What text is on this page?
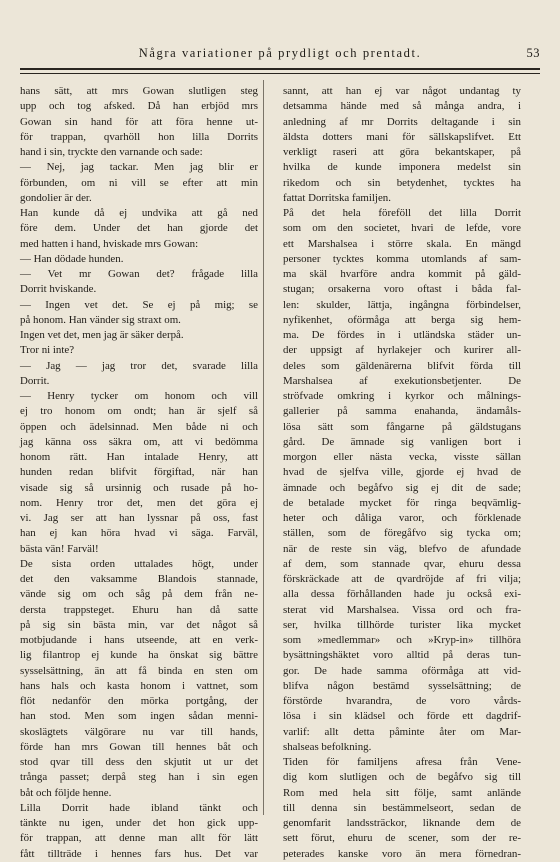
Några variationer på prydligt och prentadt.	53
hans sätt, att mrs Gowan slutligen steg
upp och tog afsked. Då han erbjöd mrs
Gowan sin hand för att föra henne ut-
för trappan, qvarhöll hon lilla Dorrits
hand i sin, tryckte den varnande och sade:
— Nej, jag tackar. Men jag blir er
förbunden, om ni vill se efter att min
gondolier är der.
Han kunde då ej undvika att gå ned
före dem. Under det han gjorde det
med hatten i hand, hviskade mrs Gowan:
— Han dödade hunden.
— Vet mr Gowan det? frågade lilla
Dorrit hviskande.
— Ingen vet det. Se ej på mig; se
på honom. Han vänder sig straxt om.
Ingen vet det, men jag är säker derpå.
Tror ni inte?
— Jag — jag tror det, svarade lilla
Dorrit.
— Henry tycker om honom och vill
ej tro honom om ondt; han är sjelf så
öppen och ädelsinnad. Men både ni och
jag känna oss säkra om, att vi bedömma
honom rätt. Han intalade Henry, att
hunden redan blifvit förgiftad, när han
visade sig så ursinnig och rusade på ho-
nom. Henry tror det, men det göra ej
vi. Jag ser att han lyssnar på oss, fast
han ej kan höra hvad vi säga. Farväl,
bästa vän! Farväl!
De sista orden uttalades högt, under
det den vaksamme Blandois stannade,
vände sig om och såg på dem från ne-
dersta trappsteget. Ehuru han då satte
på sig sin bästa min, var det något så
motbjudande i hans utseende, att en verk-
lig filantrop ej kunde ha önskat sig bättre
sysselsättning, än att få binda en sten om
hans hals och kasta honom i vattnet, som
flöt nedanför den mörka portgång, der
han stod. Men som ingen sådan menni-
skoslägtets välgörare nu var till hands,
förde han mrs Gowan till hennes båt och
stod qvar till dess den skjutit ut ur det
trånga passet; derpå steg han i sin egen
båt och följde henne.
Lilla Dorrit hade ibland tänkt och
tänkte nu igen, under det hon gick upp-
för trappan, att denne man allt för lätt
fått tillträde i hennes fars hus. Det var
sannt, att han ej var något undantag ty
detsamma hände med så många andra, i
anledning af mr Dorrits deltagande i sin
äldsta dotters mani för sällskapslifvet. Ett
verkligt raseri att göra bekantskaper, på
hvilka de kunde imponera medelst sin
rikedom och sin betydenhet, tycktes ha
fattat Dorritska familjen.
På det hela föreföll det lilla Dorrit
som om den societet, hvari de lefde, vore
ett Marshalsea i större skala. En mängd
personer tycktes komma utomlands af sam-
ma skäl hvarföre andra kommit på gäld-
stugan; orsakerna voro oftast i båda fal-
len: skulder, lättja, ingångna förbindelser,
nyfikenhet, oförmåga att berga sig hem-
ma. De fördes in i utländska städer un-
der uppsigt af hyrlakejer och kurirer all-
deles som gäldenärerna blifvit förda till
Marshalsea af exekutionsbetjenter. De
ströfvade omkring i kyrkor och målnings-
gallerier på samma enahanda, ändamåls-
lösa sätt som fångarne på gäldstugans
gård. De ämnade sig vanligen bort i
morgon eller nästa vecka, visste sällan
hvad de sjelfva ville, gjorde ej hvad de
ämnade och begåfvo sig ej dit de sade;
de betalade mycket för ringa beqvämlig-
heter och dåliga varor, och förklenade
ställen, som de föregåfvo sig tycka om;
när de reste sin väg, blefvo de afundade
af dem, som stannade qvar, ehuru dessa
förskräckade att de qvardröjde af fri vilja;
alla dessa förhållanden hade ju också exi-
sterat vid Marshalsea. Vissa ord och fra-
ser, hvilka tillhörde turister lika mycket
som »medlemmar» och »Kryp-in» tillhöra
bysättningshäktet voro alltid på deras tun-
gor. De hade samma oförmåga att vid-
blifva någon bestämd sysselsättning; de
förstörde hvarandra, de voro vårds-
lösa i sin klädsel och förde ett dagdrif-
varlif: allt detta påminte åter om Mar-
shalseas befolkning.
Tiden för familjens afresa från Vene-
dig kom slutligen och de begåfvo sig till
Rom med hela sitt följe, samt anlände
till denna sin bestämmelseort, sedan de
genomfarit landssträckor, liknande dem de
sett förut, ehuru de scener, som der re-
peterades kanske voro än mera förnedran-
